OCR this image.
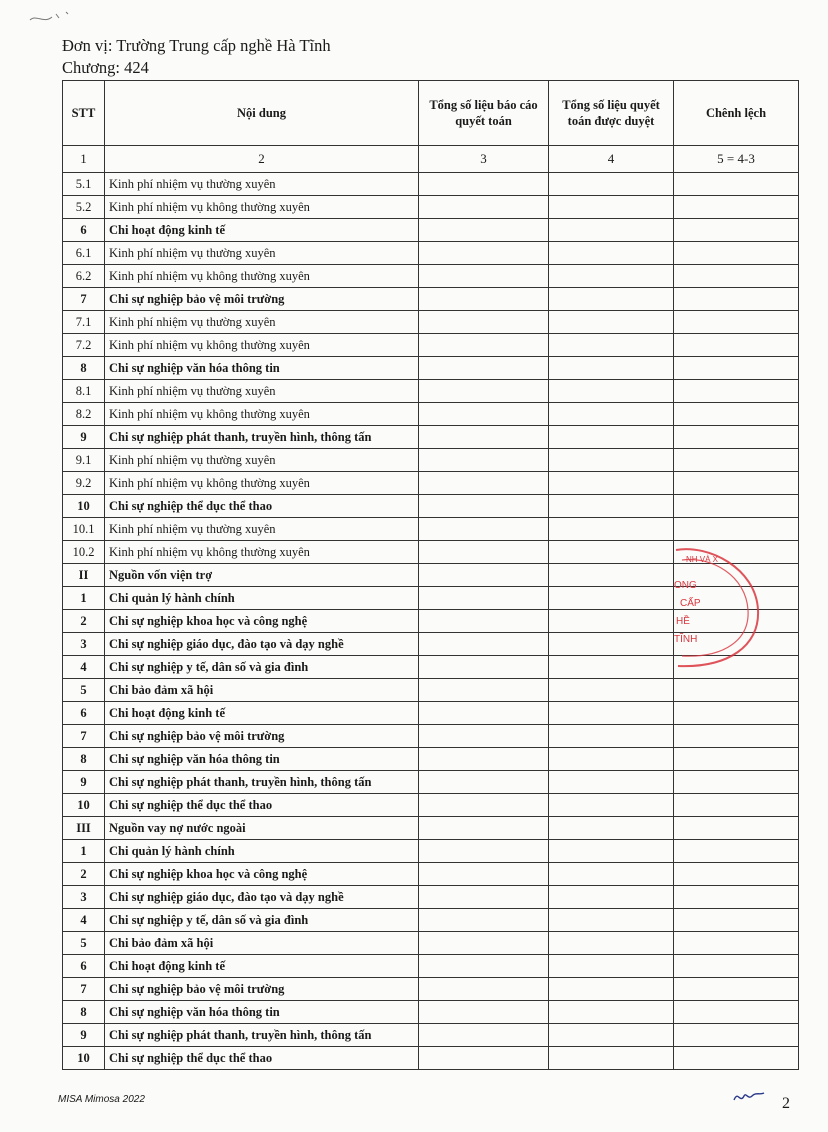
Đơn vị: Trường Trung cấp nghề Hà Tĩnh
Chương: 424
STT	Nội dung	Tổng số liệu báo cáo quyết toán	Tổng số liệu quyết toán được duyệt	Chênh lệch
1	2	3	4	5 = 4-3
5.1	Kinh phí nhiệm vụ thường xuyên			
5.2	Kinh phí nhiệm vụ không thường xuyên			
6	Chi hoạt động kinh tế			
6.1	Kinh phí nhiệm vụ thường xuyên			
6.2	Kinh phí nhiệm vụ không thường xuyên			
7	Chi sự nghiệp bảo vệ môi trường			
7.1	Kinh phí nhiệm vụ thường xuyên			
7.2	Kinh phí nhiệm vụ không thường xuyên			
8	Chi sự nghiệp văn hóa thông tin			
8.1	Kinh phí nhiệm vụ thường xuyên			
8.2	Kinh phí nhiệm vụ không thường xuyên			
9	Chi sự nghiệp phát thanh, truyền hình, thông tấn			
9.1	Kinh phí nhiệm vụ thường xuyên			
9.2	Kinh phí nhiệm vụ không thường xuyên			
10	Chi sự nghiệp thể dục thể thao			
10.1	Kinh phí nhiệm vụ thường xuyên			
10.2	Kinh phí nhiệm vụ không thường xuyên			
II	Nguồn vốn viện trợ			
1	Chi quản lý hành chính			
2	Chi sự nghiệp khoa học và công nghệ			
3	Chi sự nghiệp giáo dục, đào tạo và dạy nghề			
4	Chi sự nghiệp y tế, dân số và gia đình			
5	Chi bảo đảm xã hội			
6	Chi hoạt động kinh tế			
7	Chi sự nghiệp bảo vệ môi trường			
8	Chi sự nghiệp văn hóa thông tin			
9	Chi sự nghiệp phát thanh, truyền hình, thông tấn			
10	Chi sự nghiệp thể dục thể thao			
III	Nguồn vay nợ nước ngoài			
1	Chi quản lý hành chính			
2	Chi sự nghiệp khoa học và công nghệ			
3	Chi sự nghiệp giáo dục, đào tạo và dạy nghề			
4	Chi sự nghiệp y tế, dân số và gia đình			
5	Chi bảo đảm xã hội			
6	Chi hoạt động kinh tế			
7	Chi sự nghiệp bảo vệ môi trường			
8	Chi sự nghiệp văn hóa thông tin			
9	Chi sự nghiệp phát thanh, truyền hình, thông tấn			
10	Chi sự nghiệp thể dục thể thao			
NH VÀ X
ONG
CẤP
HỀ
TĨNH
MISA Mimosa 2022	2
